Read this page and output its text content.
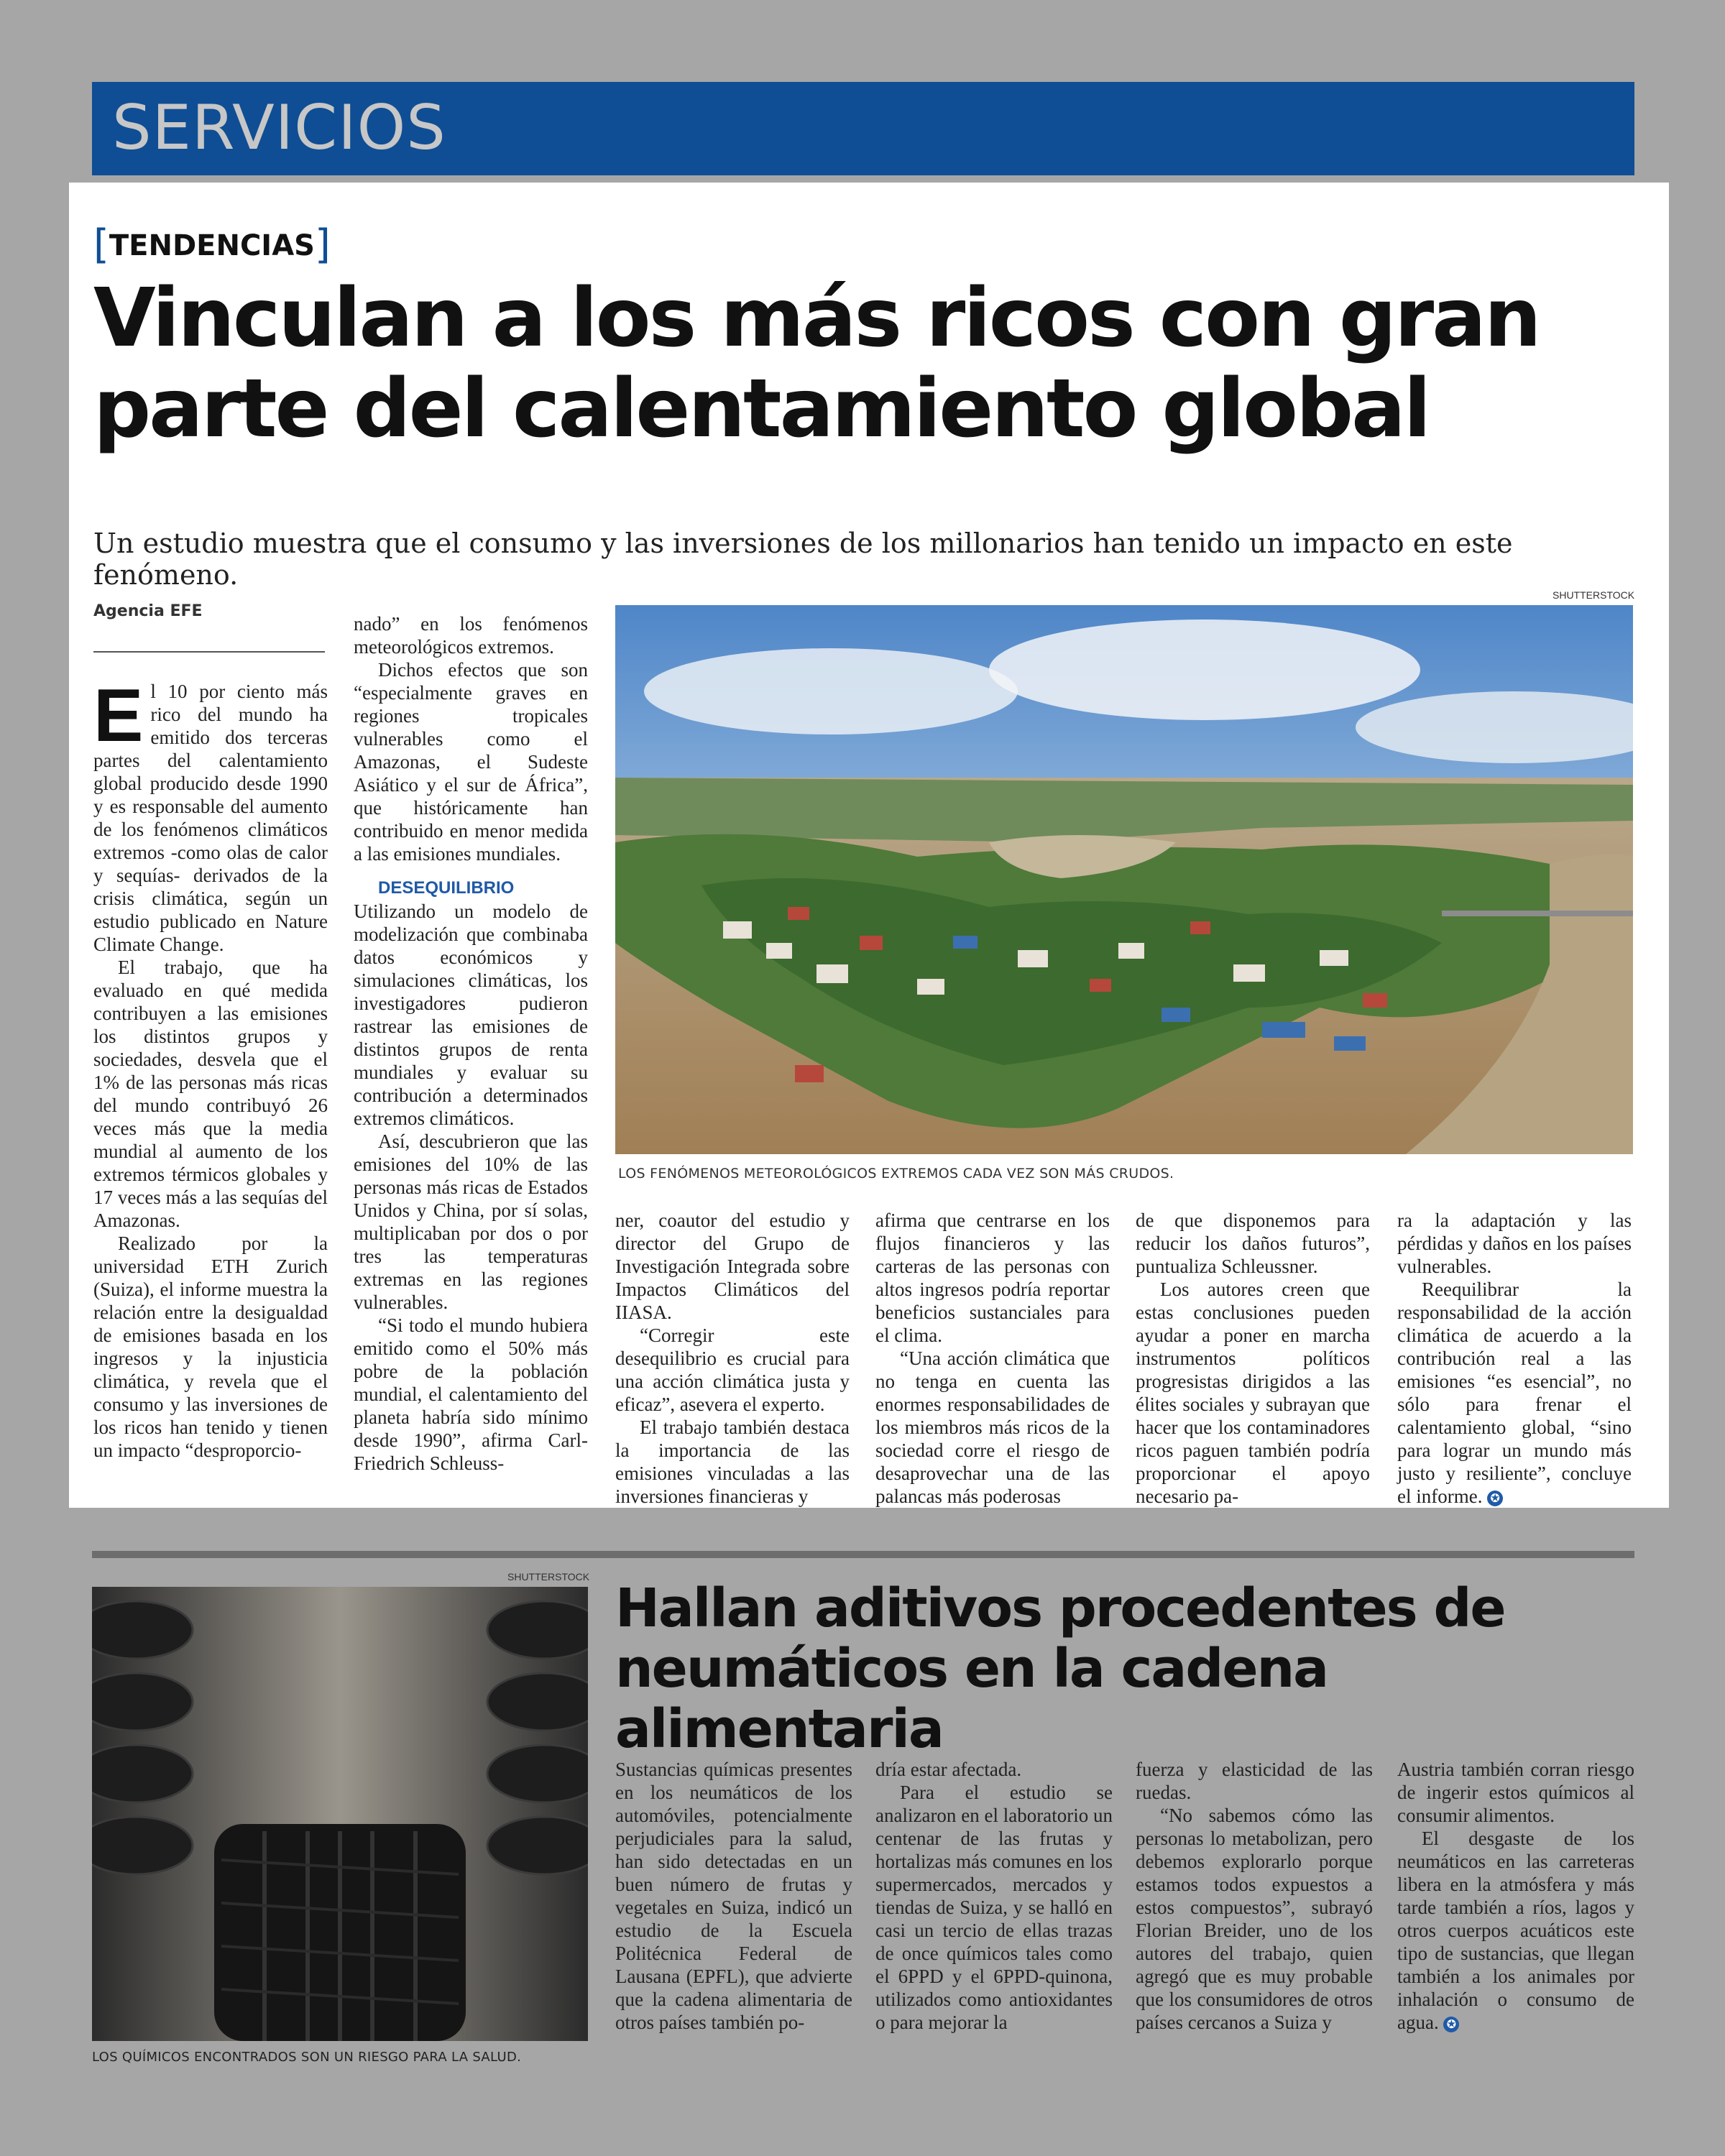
SERVICIOS
[TENDENCIAS]
Vinculan a los más ricos con gran
parte del calentamiento global
Un estudio muestra que el consumo y las inversiones de los millonarios han tenido un impacto en este fenómeno.
Agencia EFE

El 10 por ciento más rico del mundo ha emitido dos terceras partes del calentamiento global producido desde 1990 y es responsable del aumento de los fenómenos climáticos extremos -como olas de calor y sequías- derivados de la crisis climática, según un estudio publicado en Nature Climate Change.

El trabajo, que ha evaluado en qué medida contribuyen a las emisiones los distintos grupos y sociedades, desvela que el 1% de las personas más ricas del mundo contribuyó 26 veces más que la media mundial al aumento de los extremos térmicos globales y 17 veces más a las sequías del Amazonas.

Realizado por la universidad ETH Zurich (Suiza), el informe muestra la relación entre la desigualdad de emisiones basada en los ingresos y la injusticia climática, y revela que el consumo y las inversiones de los ricos han tenido y tienen un impacto “desproporcio-

nado” en los fenómenos meteorológicos extremos.

Dichos efectos que son “especialmente graves en regiones tropicales vulnerables como el Amazonas, el Sudeste Asiático y el sur de África”, que históricamente han contribuido en menor medida a las emisiones mundiales.

DESEQUILIBRIO

Utilizando un modelo de modelización que combinaba datos económicos y simulaciones climáticas, los investigadores pudieron rastrear las emisiones de distintos grupos de renta mundiales y evaluar su contribución a determinados extremos climáticos.

Así, descubrieron que las emisiones del 10% de las personas más ricas de Estados Unidos y China, por sí solas, multiplicaban por dos o por tres las temperaturas extremas en las regiones vulnerables.

“Si todo el mundo hubiera emitido como el 50% más pobre de la población mundial, el calentamiento del planeta habría sido mínimo desde 1990”, afirma Carl-Friedrich Schleuss-

SHUTTERSTOCK
LOS FENÓMENOS METEOROLÓGICOS EXTREMOS CADA VEZ SON MÁS CRUDOS.

ner, coautor del estudio y director del Grupo de Investigación Integrada sobre Impactos Climáticos del IIASA.

“Corregir este desequilibrio es crucial para una acción climática justa y eficaz”, asevera el experto.

El trabajo también destaca la importancia de las emisiones vinculadas a las inversiones financieras y

afirma que centrarse en los flujos financieros y las carteras de las personas con altos ingresos podría reportar beneficios sustanciales para el clima.

“Una acción climática que no tenga en cuenta las enormes responsabilidades de los miembros más ricos de la sociedad corre el riesgo de desaprovechar una de las palancas más poderosas

de que disponemos para reducir los daños futuros”, puntualiza Schleussner.

Los autores creen que estas conclusiones pueden ayudar a poner en marcha instrumentos políticos progresistas dirigidos a las élites sociales y subrayan que hacer que los contaminadores ricos paguen también podría proporcionar el apoyo necesario pa-

ra la adaptación y las pérdidas y daños en los países vulnerables.

Reequilibrar la responsabilidad de la acción climática de acuerdo a la contribución real a las emisiones “es esencial”, no sólo para frenar el calentamiento global, “sino para lograr un mundo más justo y resiliente”, concluye el informe. ✪

SHUTTERSTOCK
LOS QUÍMICOS ENCONTRADOS SON UN RIESGO PARA LA SALUD.
Hallan aditivos procedentes de
neumáticos en la cadena alimentaria

Sustancias químicas presentes en los neumáticos de los automóviles, potencialmente perjudiciales para la salud, han sido detectadas en un buen número de frutas y vegetales en Suiza, indicó un estudio de la Escuela Politécnica Federal de Lausana (EPFL), que advierte que la cadena alimentaria de otros países también po-

dría estar afectada.

Para el estudio se analizaron en el laboratorio un centenar de las frutas y hortalizas más comunes en los supermercados, mercados y tiendas de Suiza, y se halló en casi un tercio de ellas trazas de once químicos tales como el 6PPD y el 6PPD-quinona, utilizados como antioxidantes o para mejorar la

fuerza y elasticidad de las ruedas.

“No sabemos cómo las personas lo metabolizan, pero debemos explorarlo porque estamos todos expuestos a estos compuestos”, subrayó Florian Breider, uno de los autores del trabajo, quien agregó que es muy probable que los consumidores de otros países cercanos a Suiza y

Austria también corran riesgo de ingerir estos químicos al consumir alimentos.

El desgaste de los neumáticos en las carreteras libera en la atmósfera y más tarde también a ríos, lagos y otros cuerpos acuáticos este tipo de sustancias, que llegan también a los animales por inhalación o consumo de agua. ✪
